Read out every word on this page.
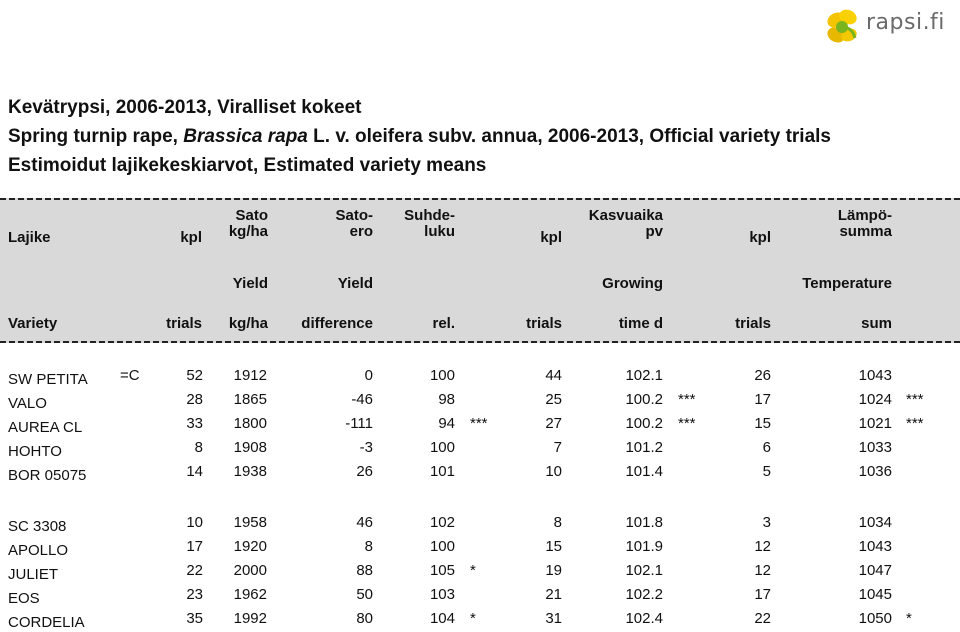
rapsi.fi
Kevätrypsi, 2006-2013, Viralliset kokeet
Spring turnip rape, Brassica rapa L. v. oleifera subv. annua, 2006-2013, Official variety trials
Estimoidut lajikekeskiarvot, Estimated variety means
Lajike	kpl
Sato
kg/ha
Sato-
ero
Suhde-
luku	kpl
Kasvuaika
pv	kpl
Lämpö-
summa
Yield	Yield	Growing	Temperature
Variety	trials kg/ha difference	rel.	trials	time d	trials	sum
SW PETITA =C	52 1912	0	100	44	102.1	26	1043
VALO	28 1865	-46	98	25	100.2 ***	17	1024 ***
AUREA CL	33 1800	-111	94 ***	27	100.2 ***	15	1021 ***
HOHTO	8 1908	-3	100	7	101.2	6	1033
BOR 05075	14 1938	26	101	10	101.4	5	1036
SC 3308	10 1958	46	102	8	101.8	3	1034
APOLLO	17 1920	8	100	15	101.9	12	1043
JULIET	22 2000	88	105 *	19	102.1	12	1047
EOS	23 1962	50	103	21	102.2	17	1045
CORDELIA	35 1992	80	104 *	31	102.4	22	1050 *
